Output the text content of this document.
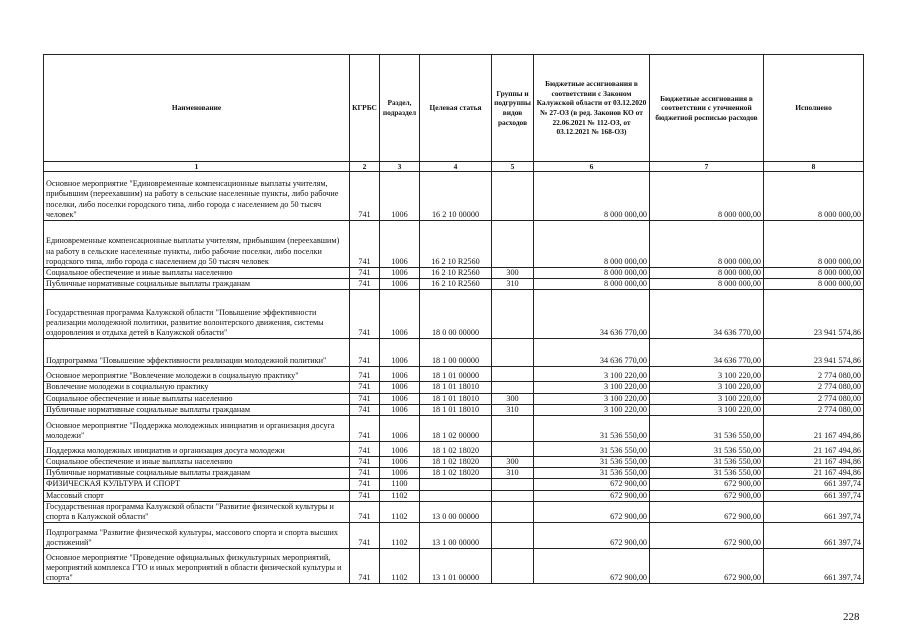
Наименование	КГРБС	Раздел, подраздел	Целевая статья	Группы и подгруппы видов расходов	Бюджетные ассигнования в соответствии с Законом Калужской области от 03.12.2020 № 27-ОЗ (в ред. Законов КО от 22.06.2021 № 112-ОЗ, от 03.12.2021 № 168-ОЗ)	Бюджетные ассигнования в соответствии с уточненной бюджетной росписью расходов	Исполнено
1	2	3	4	5	6	7	8
Основное мероприятие "Единовременные компенсационные выплаты учителям, прибывшим (переехавшим) на работу в сельские населенные пункты, либо рабочие поселки, либо поселки городского типа, либо города с населением до 50 тысяч человек"	741	1006	16 2 10 00000		8 000 000,00	8 000 000,00	8 000 000,00
Единовременные компенсационные выплаты учителям, прибывшим (переехавшим) на работу в сельские населенные пункты, либо рабочие поселки, либо поселки городского типа, либо города с населением до 50 тысяч человек	741	1006	16 2 10 R2560		8 000 000,00	8 000 000,00	8 000 000,00
Социальное обеспечение и иные выплаты населению	741	1006	16 2 10 R2560	300	8 000 000,00	8 000 000,00	8 000 000,00
Публичные нормативные социальные выплаты гражданам	741	1006	16 2 10 R2560	310	8 000 000,00	8 000 000,00	8 000 000,00
Государственная программа Калужской области "Повышение эффективности реализации молодежной политики, развитие волонтерского движения, системы оздоровления и отдыха детей в Калужской области"	741	1006	18 0 00 00000		34 636 770,00	34 636 770,00	23 941 574,86
Подпрограмма "Повышение эффективности реализации молодежной политики"	741	1006	18 1 00 00000		34 636 770,00	34 636 770,00	23 941 574,86
Основное мероприятие "Вовлечение молодежи в социальную практику"	741	1006	18 1 01 00000		3 100 220,00	3 100 220,00	2 774 080,00
Вовлечение молодежи в социальную практику	741	1006	18 1 01 18010		3 100 220,00	3 100 220,00	2 774 080,00
Социальное обеспечение и иные выплаты населению	741	1006	18 1 01 18010	300	3 100 220,00	3 100 220,00	2 774 080,00
Публичные нормативные социальные выплаты гражданам	741	1006	18 1 01 18010	310	3 100 220,00	3 100 220,00	2 774 080,00
Основное мероприятие "Поддержка молодежных инициатив и организация досуга молодежи"	741	1006	18 1 02 00000		31 536 550,00	31 536 550,00	21 167 494,86
Поддержка молодежных инициатив и организация досуга молодежи	741	1006	18 1 02 18020		31 536 550,00	31 536 550,00	21 167 494,86
Социальное обеспечение и иные выплаты населению	741	1006	18 1 02 18020	300	31 536 550,00	31 536 550,00	21 167 494,86
Публичные нормативные социальные выплаты гражданам	741	1006	18 1 02 18020	310	31 536 550,00	31 536 550,00	21 167 494,86
ФИЗИЧЕСКАЯ КУЛЬТУРА И СПОРТ	741	1100			672 900,00	672 900,00	661 397,74
Массовый спорт	741	1102			672 900,00	672 900,00	661 397,74
Государственная программа Калужской области "Развитие физической культуры и спорта в Калужской области"	741	1102	13 0 00 00000		672 900,00	672 900,00	661 397,74
Подпрограмма "Развитие физической культуры, массового спорта и спорта высших достижений"	741	1102	13 1 00 00000		672 900,00	672 900,00	661 397,74
Основное мероприятие "Проведение официальных физкультурных мероприятий, мероприятий комплекса ГТО и иных мероприятий в области физической культуры и спорта"	741	1102	13 1 01 00000		672 900,00	672 900,00	661 397,74
228
